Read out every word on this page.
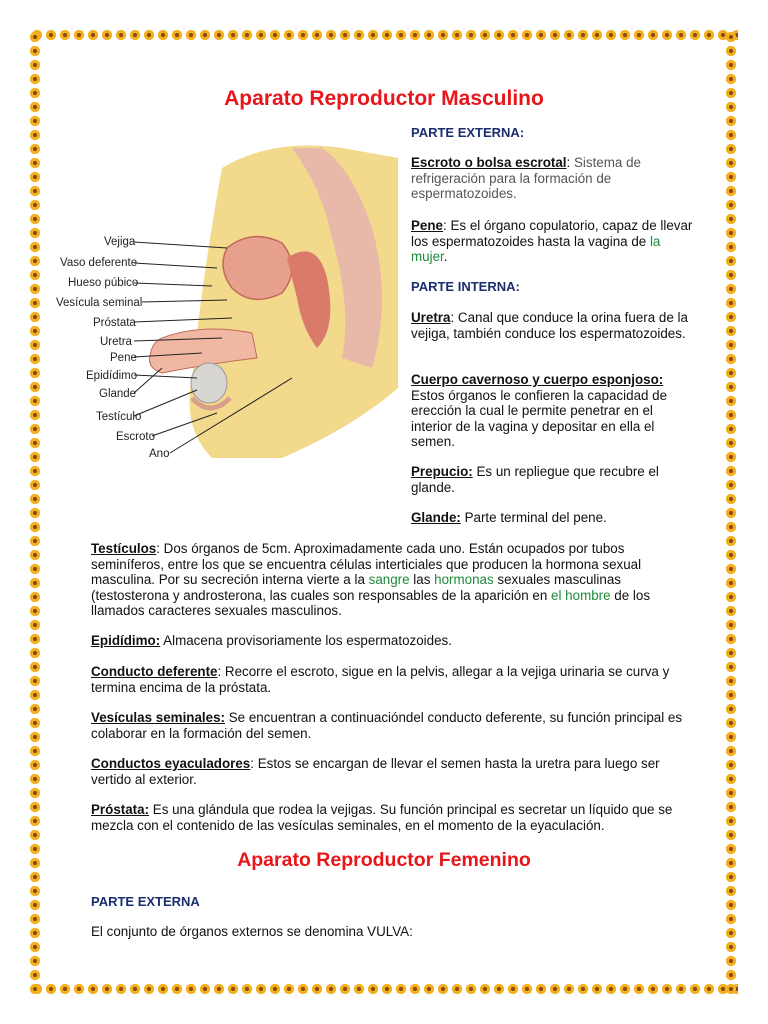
Aparato Reproductor Masculino
Vejiga
Vaso deferente
Hueso púbico
Vesícula seminal
Próstata
Uretra
Pene
Epidídimo
Glande
Testículo
Escroto
Ano
PARTE EXTERNA:
Escroto o bolsa escrotal: Sistema de refrigeración para la formación de espermatozoides.
Pene: Es el órgano copulatorio, capaz de llevar los espermatozoides hasta la vagina de la mujer.
PARTE INTERNA:
Uretra: Canal que conduce la orina fuera de la vejiga, también conduce los espermatozoides.
Cuerpo cavernoso y cuerpo esponjoso:
Estos órganos le confieren la capacidad de erección la cual le permite penetrar en el interior de la vagina y depositar en ella el semen.
Prepucio: Es un repliegue que recubre el glande.
Glande: Parte terminal del pene.
Testículos: Dos órganos de 5cm. Aproximadamente cada uno. Están ocupados por tubos seminíferos, entre los que se encuentra células interticiales que producen la hormona sexual masculina. Por su secreción interna vierte a la sangre las hormonas sexuales masculinas (testosterona y androsterona, las cuales son responsables de la aparición en el hombre de los llamados caracteres sexuales masculinos.
Epidídimo: Almacena provisoriamente los espermatozoides.
Conducto deferente: Recorre el escroto, sigue en la pelvis, allegar a la vejiga urinaria se curva y termina encima de la próstata.
Vesículas seminales: Se encuentran a continuacióndel conducto deferente, su función principal es colaborar en la formación del semen.
Conductos eyaculadores: Estos se encargan de llevar el semen hasta la uretra para luego ser vertido al exterior.
Próstata: Es una glándula que rodea la vejigas. Su función principal es secretar un líquido que se mezcla con el contenido de las vesículas seminales, en el momento de la eyaculación.
Aparato Reproductor Femenino
PARTE EXTERNA
El conjunto de órganos externos se denomina VULVA:
